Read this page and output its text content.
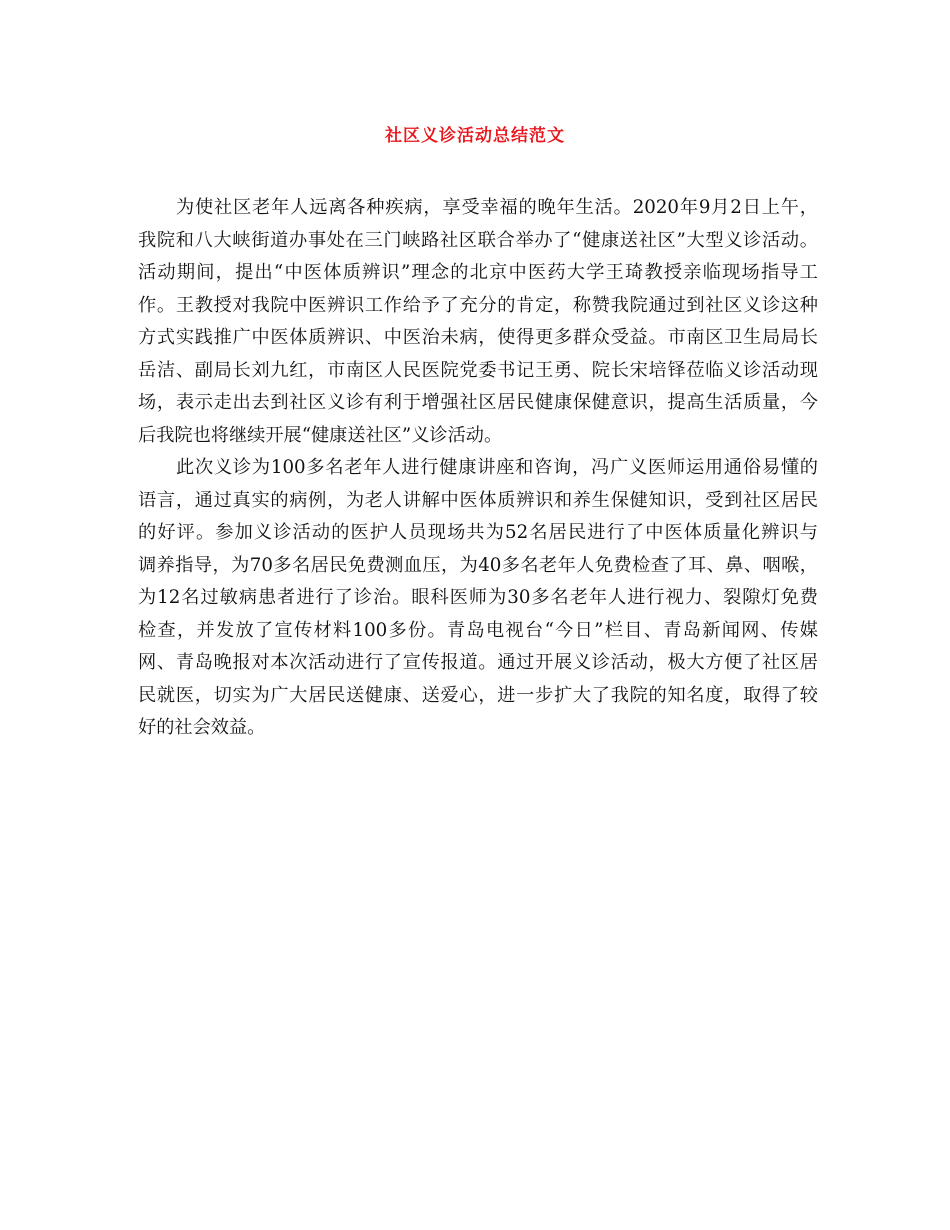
社区义诊活动总结范文
为使社区老年人远离各种疾病，享受幸福的晚年生活。2020年9月2日上午，
我院和八大峡街道办事处在三门峡路社区联合举办了“健康送社区”大型义诊活动。
活动期间，提出“中医体质辨识”理念的北京中医药大学王琦教授亲临现场指导工
作。王教授对我院中医辨识工作给予了充分的肯定，称赞我院通过到社区义诊这种
方式实践推广中医体质辨识、中医治未病，使得更多群众受益。市南区卫生局局长
岳洁、副局长刘九红，市南区人民医院党委书记王勇、院长宋培铎莅临义诊活动现
场，表示走出去到社区义诊有利于增强社区居民健康保健意识，提高生活质量，今
后我院也将继续开展“健康送社区”义诊活动。
此次义诊为100多名老年人进行健康讲座和咨询，冯广义医师运用通俗易懂的
语言，通过真实的病例，为老人讲解中医体质辨识和养生保健知识，受到社区居民
的好评。参加义诊活动的医护人员现场共为52名居民进行了中医体质量化辨识与
调养指导，为70多名居民免费测血压，为40多名老年人免费检查了耳、鼻、咽喉，
为12名过敏病患者进行了诊治。眼科医师为30多名老年人进行视力、裂隙灯免费
检查，并发放了宣传材料100多份。青岛电视台“今日”栏目、青岛新闻网、传媒
网、青岛晚报对本次活动进行了宣传报道。通过开展义诊活动，极大方便了社区居
民就医，切实为广大居民送健康、送爱心，进一步扩大了我院的知名度，取得了较
好的社会效益。
